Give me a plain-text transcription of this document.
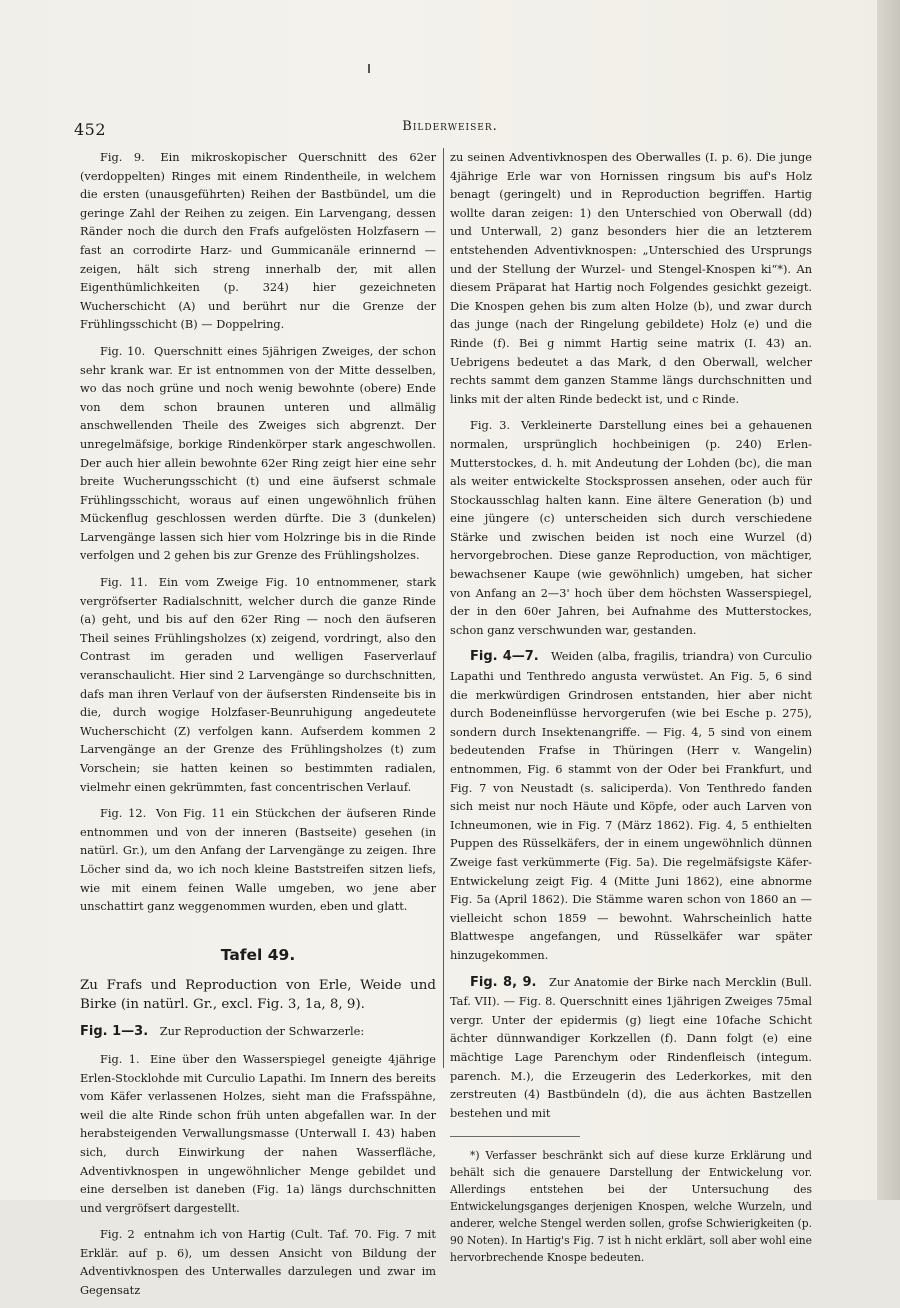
452	Bilderweiser.

Fig. 9. Ein mikroskopischer Querschnitt des 62er (verdoppelten) Ringes mit einem Rindentheile, in welchem die ersten (unausgeführten) Reihen der Bastbündel, um die geringe Zahl der Reihen zu zeigen. Ein Larvengang, dessen Ränder noch die durch den Frafs aufgelösten Holzfasern — fast an corrodirte Harz- und Gummicanäle erinnernd — zeigen, hält sich streng innerhalb der, mit allen Eigenthümlichkeiten (p. 324) hier gezeichneten Wucherschicht (A) und berührt nur die Grenze der Frühlingsschicht (B) — Doppelring.

Fig. 10. Querschnitt eines 5jährigen Zweiges, der schon sehr krank war. Er ist entnommen von der Mitte desselben, wo das noch grüne und noch wenig bewohnte (obere) Ende von dem schon braunen unteren und allmälig anschwellenden Theile des Zweiges sich abgrenzt. Der unregelmäfsige, borkige Rindenkörper stark angeschwollen. Der auch hier allein bewohnte 62er Ring zeigt hier eine sehr breite Wucherungsschicht (t) und eine äufserst schmale Frühlingsschicht, woraus auf einen ungewöhnlich frühen Mückenflug geschlossen werden dürfte. Die 3 (dunkelen) Larvengänge lassen sich hier vom Holzringe bis in die Rinde verfolgen und 2 gehen bis zur Grenze des Frühlingsholzes.

Fig. 11. Ein vom Zweige Fig. 10 entnommener, stark vergröfserter Radialschnitt, welcher durch die ganze Rinde (a) geht, und bis auf den 62er Ring — noch den äufseren Theil seines Frühlingsholzes (x) zeigend, vordringt, also den Contrast im geraden und welligen Faserverlauf veranschaulicht. Hier sind 2 Larvengänge so durchschnitten, dafs man ihren Verlauf von der äufsersten Rindenseite bis in die, durch wogige Holzfaser-Beunruhigung angedeutete Wucherschicht (Z) verfolgen kann. Aufserdem kommen 2 Larvengänge an der Grenze des Frühlingsholzes (t) zum Vorschein; sie hatten keinen so bestimmten radialen, vielmehr einen gekrümmten, fast concentrischen Verlauf.

Fig. 12. Von Fig. 11 ein Stückchen der äufseren Rinde entnommen und von der inneren (Bastseite) gesehen (in natürl. Gr.), um den Anfang der Larvengänge zu zeigen. Ihre Löcher sind da, wo ich noch kleine Baststreifen sitzen liefs, wie mit einem feinen Walle umgeben, wo jene aber unschattirt ganz weggenommen wurden, eben und glatt.

Tafel 49.

Zu Frafs und Reproduction von Erle, Weide und Birke (in natürl. Gr., excl. Fig. 3, 1a, 8, 9).

Fig. 1—3. Zur Reproduction der Schwarzerle:

Fig. 1. Eine über den Wasserspiegel geneigte 4jährige Erlen-Stocklohde mit Curculio Lapathi. Im Innern des bereits vom Käfer verlassenen Holzes, sieht man die Frafsspähne, weil die alte Rinde schon früh unten abgefallen war. In der herabsteigenden Verwallungsmasse (Unterwall I. 43) haben sich, durch Einwirkung der nahen Wasserfläche, Adventivknospen in ungewöhnlicher Menge gebildet und eine derselben ist daneben (Fig. 1a) längs durchschnitten und vergröfsert dargestellt.

Fig. 2 entnahm ich von Hartig (Cult. Taf. 70. Fig. 7 mit Erklär. auf p. 6), um dessen Ansicht von Bildung der Adventivknospen des Unterwalles darzulegen und zwar im Gegensatz

zu seinen Adventivknospen des Oberwalles (I. p. 6). Die junge 4jährige Erle war von Hornissen ringsum bis auf's Holz benagt (geringelt) und in Reproduction begriffen. Hartig wollte daran zeigen: 1) den Unterschied von Oberwall (dd) und Unterwall, 2) ganz besonders hier die an letzterem entstehenden Adventivknospen: „Unterschied des Ursprungs und der Stellung der Wurzel- und Stengel-Knospen ki“*). An diesem Präparat hat Hartig noch Folgendes gesichkt gezeigt. Die Knospen gehen bis zum alten Holze (b), und zwar durch das junge (nach der Ringelung gebildete) Holz (e) und die Rinde (f). Bei g nimmt Hartig seine matrix (I. 43) an. Uebrigens bedeutet a das Mark, d den Oberwall, welcher rechts sammt dem ganzen Stamme längs durchschnitten und links mit der alten Rinde bedeckt ist, und c Rinde.

Fig. 3. Verkleinerte Darstellung eines bei a gehauenen normalen, ursprünglich hochbeinigen (p. 240) Erlen-Mutterstockes, d. h. mit Andeutung der Lohden (bc), die man als weiter entwickelte Stocksprossen ansehen, oder auch für Stockausschlag halten kann. Eine ältere Generation (b) und eine jüngere (c) unterscheiden sich durch verschiedene Stärke und zwischen beiden ist noch eine Wurzel (d) hervorgebrochen. Diese ganze Reproduction, von mächtiger, bewachsener Kaupe (wie gewöhnlich) umgeben, hat sicher von Anfang an 2—3' hoch über dem höchsten Wasserspiegel, der in den 60er Jahren, bei Aufnahme des Mutterstockes, schon ganz verschwunden war, gestanden.

Fig. 4—7. Weiden (alba, fragilis, triandra) von Curculio Lapathi und Tenthredo angusta verwüstet. An Fig. 5, 6 sind die merkwürdigen Grindrosen entstanden, hier aber nicht durch Bodeneinflüsse hervorgerufen (wie bei Esche p. 275), sondern durch Insektenangriffe. — Fig. 4, 5 sind von einem bedeutenden Frafse in Thüringen (Herr v. Wangelin) entnommen, Fig. 6 stammt von der Oder bei Frankfurt, und Fig. 7 von Neustadt (s. saliciperda). Von Tenthredo fanden sich meist nur noch Häute und Köpfe, oder auch Larven von Ichneumonen, wie in Fig. 7 (März 1862). Fig. 4, 5 enthielten Puppen des Rüsselkäfers, der in einem ungewöhnlich dünnen Zweige fast verkümmerte (Fig. 5a). Die regelmäfsigste Käfer-Entwickelung zeigt Fig. 4 (Mitte Juni 1862), eine abnorme Fig. 5a (April 1862). Die Stämme waren schon von 1860 an — vielleicht schon 1859 — bewohnt. Wahrscheinlich hatte Blattwespe angefangen, und Rüsselkäfer war später hinzugekommen.

Fig. 8, 9. Zur Anatomie der Birke nach Mercklin (Bull. Taf. VII). — Fig. 8. Querschnitt eines 1jährigen Zweiges 75mal vergr. Unter der epidermis (g) liegt eine 10fache Schicht ächter dünnwandiger Korkzellen (f). Dann folgt (e) eine mächtige Lage Parenchym oder Rindenfleisch (integum. parench. M.), die Erzeugerin des Lederkorkes, mit den zerstreuten (4) Bastbündeln (d), die aus ächten Bastzellen bestehen und mit

*) Verfasser beschränkt sich auf diese kurze Erklärung und behält sich die genauere Darstellung der Entwickelung vor. Allerdings entstehen bei der Untersuchung des Entwickelungsganges derjenigen Knospen, welche Wurzeln, und anderer, welche Stengel werden sollen, grofse Schwierigkeiten (p. 90 Noten). In Hartig's Fig. 7 ist h nicht erklärt, soll aber wohl eine hervorbrechende Knospe bedeuten.
